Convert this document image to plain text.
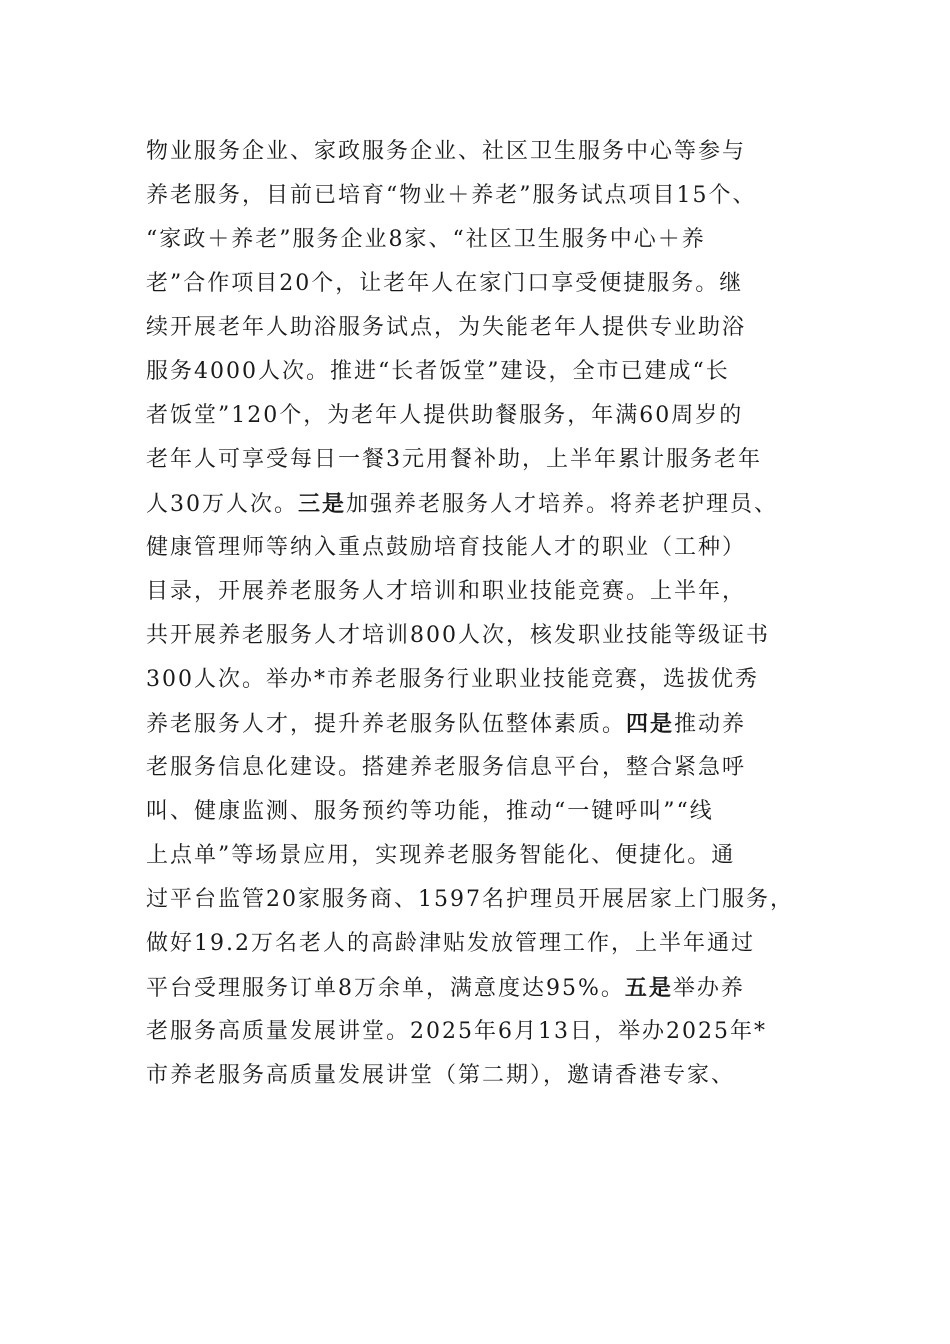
物业服务企业、家政服务企业、社区卫生服务中心等参与
养老服务，目前已培育“物业＋养老”服务试点项目15个、
“家政＋养老”服务企业8家、“社区卫生服务中心＋养
老”合作项目20个，让老年人在家门口享受便捷服务。继
续开展老年人助浴服务试点，为失能老年人提供专业助浴
服务4000人次。推进“长者饭堂”建设，全市已建成“长
者饭堂”120个，为老年人提供助餐服务，年满60周岁的
老年人可享受每日一餐3元用餐补助，上半年累计服务老年
人30万人次。三是加强养老服务人才培养。将养老护理员、
健康管理师等纳入重点鼓励培育技能人才的职业（工种）
目录，开展养老服务人才培训和职业技能竞赛。上半年，
共开展养老服务人才培训800人次，核发职业技能等级证书
300人次。举办*市养老服务行业职业技能竞赛，选拔优秀
养老服务人才，提升养老服务队伍整体素质。四是推动养
老服务信息化建设。搭建养老服务信息平台，整合紧急呼
叫、健康监测、服务预约等功能，推动“一键呼叫”“线
上点单”等场景应用，实现养老服务智能化、便捷化。通
过平台监管20家服务商、1597名护理员开展居家上门服务，
做好19.2万名老人的高龄津贴发放管理工作，上半年通过
平台受理服务订单8万余单，满意度达95%。五是举办养
老服务高质量发展讲堂。2025年6月13日，举办2025年*
市养老服务高质量发展讲堂（第二期），邀请香港专家、
